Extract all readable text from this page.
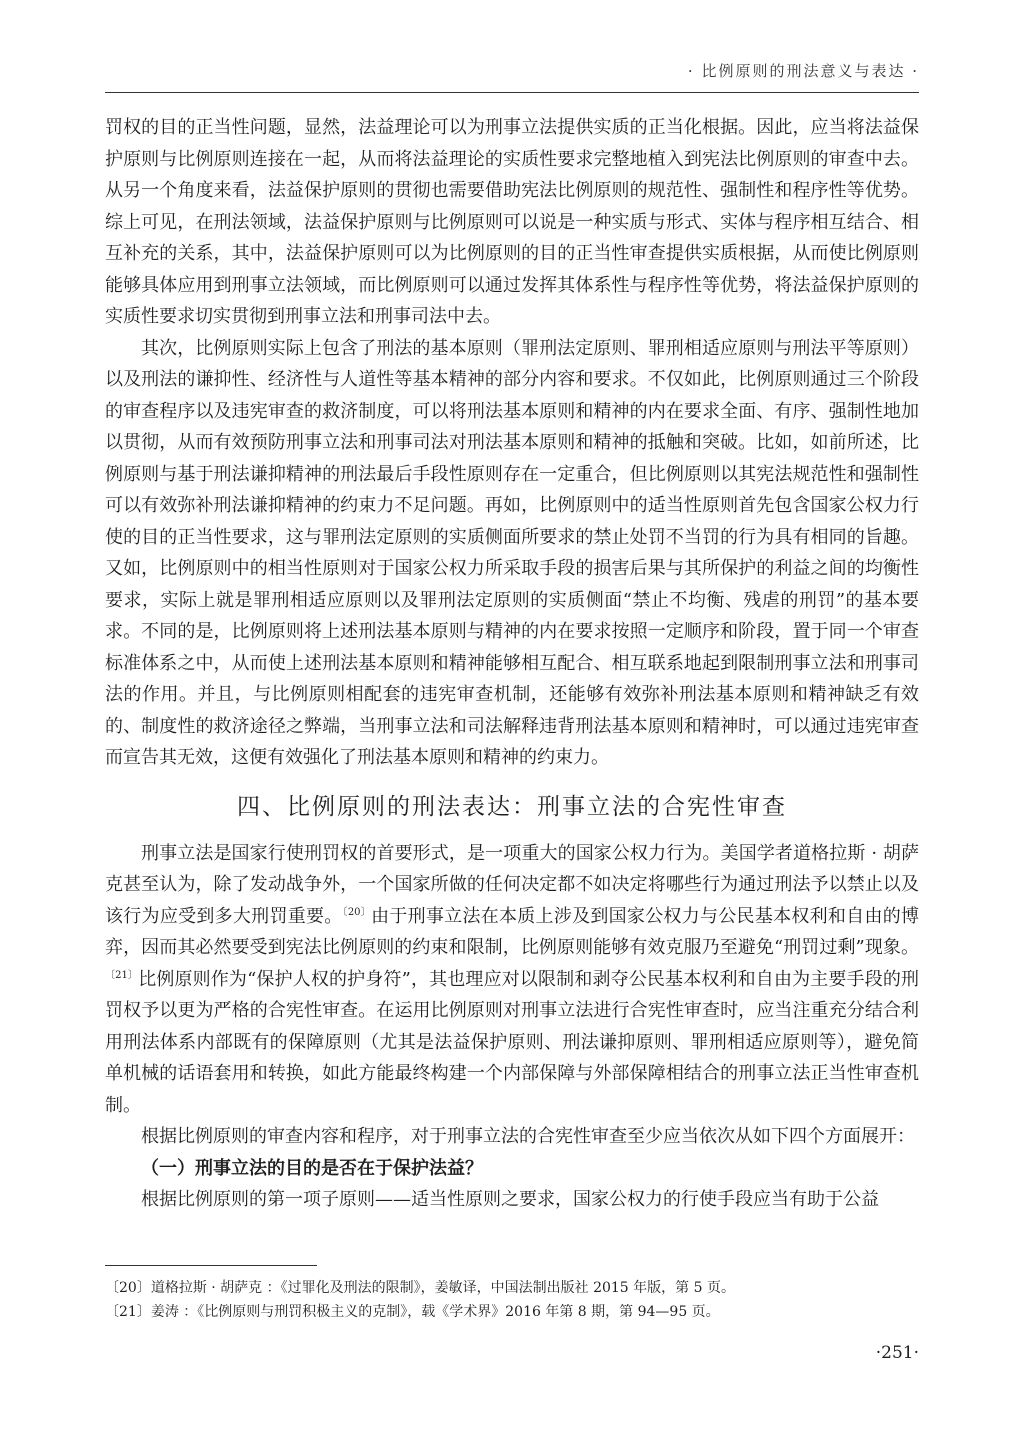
· 比例原则的刑法意义与表达 ·

罚权的目的正当性问题，显然，法益理论可以为刑事立法提供实质的正当化根据。因此，应当将法益保护原则与比例原则连接在一起，从而将法益理论的实质性要求完整地植入到宪法比例原则的审查中去。从另一个角度来看，法益保护原则的贯彻也需要借助宪法比例原则的规范性、强制性和程序性等优势。综上可见，在刑法领域，法益保护原则与比例原则可以说是一种实质与形式、实体与程序相互结合、相互补充的关系，其中，法益保护原则可以为比例原则的目的正当性审查提供实质根据，从而使比例原则能够具体应用到刑事立法领域，而比例原则可以通过发挥其体系性与程序性等优势，将法益保护原则的实质性要求切实贯彻到刑事立法和刑事司法中去。

其次，比例原则实际上包含了刑法的基本原则（罪刑法定原则、罪刑相适应原则与刑法平等原则）以及刑法的谦抑性、经济性与人道性等基本精神的部分内容和要求。不仅如此，比例原则通过三个阶段的审查程序以及违宪审查的救济制度，可以将刑法基本原则和精神的内在要求全面、有序、强制性地加以贯彻，从而有效预防刑事立法和刑事司法对刑法基本原则和精神的抵触和突破。比如，如前所述，比例原则与基于刑法谦抑精神的刑法最后手段性原则存在一定重合，但比例原则以其宪法规范性和强制性可以有效弥补刑法谦抑精神的约束力不足问题。再如，比例原则中的适当性原则首先包含国家公权力行使的目的正当性要求，这与罪刑法定原则的实质侧面所要求的禁止处罚不当罚的行为具有相同的旨趣。又如，比例原则中的相当性原则对于国家公权力所采取手段的损害后果与其所保护的利益之间的均衡性要求，实际上就是罪刑相适应原则以及罪刑法定原则的实质侧面“禁止不均衡、残虐的刑罚”的基本要求。不同的是，比例原则将上述刑法基本原则与精神的内在要求按照一定顺序和阶段，置于同一个审查标准体系之中，从而使上述刑法基本原则和精神能够相互配合、相互联系地起到限制刑事立法和刑事司法的作用。并且，与比例原则相配套的违宪审查机制，还能够有效弥补刑法基本原则和精神缺乏有效的、制度性的救济途径之弊端，当刑事立法和司法解释违背刑法基本原则和精神时，可以通过违宪审查而宣告其无效，这便有效强化了刑法基本原则和精神的约束力。

四、比例原则的刑法表达：刑事立法的合宪性审查

刑事立法是国家行使刑罚权的首要形式，是一项重大的国家公权力行为。美国学者道格拉斯 · 胡萨克甚至认为，除了发动战争外，一个国家所做的任何决定都不如决定将哪些行为通过刑法予以禁止以及该行为应受到多大刑罚重要。$^{〔20〕}$由于刑事立法在本质上涉及到国家公权力与公民基本权利和自由的博弈，因而其必然要受到宪法比例原则的约束和限制，比例原则能够有效克服乃至避免“刑罚过剩”现象。$^{〔21〕}$比例原则作为“保护人权的护身符”，其也理应对以限制和剥夺公民基本权利和自由为主要手段的刑罚权予以更为严格的合宪性审查。在运用比例原则对刑事立法进行合宪性审查时，应当注重充分结合利用刑法体系内部既有的保障原则（尤其是法益保护原则、刑法谦抑原则、罪刑相适应原则等），避免简单机械的话语套用和转换，如此方能最终构建一个内部保障与外部保障相结合的刑事立法正当性审查机制。

根据比例原则的审查内容和程序，对于刑事立法的合宪性审查至少应当依次从如下四个方面展开：

（一）刑事立法的目的是否在于保护法益？

根据比例原则的第一项子原则——适当性原则之要求，国家公权力的行使手段应当有助于公益

〔20〕道格拉斯 · 胡萨克 ：《过罪化及刑法的限制》，姜敏译，中国法制出版社 2015 年版，第 5 页。
〔21〕姜涛 ：《比例原则与刑罚积极主义的克制》，载《学术界》2016 年第 8 期，第 94—95 页。
·251·
